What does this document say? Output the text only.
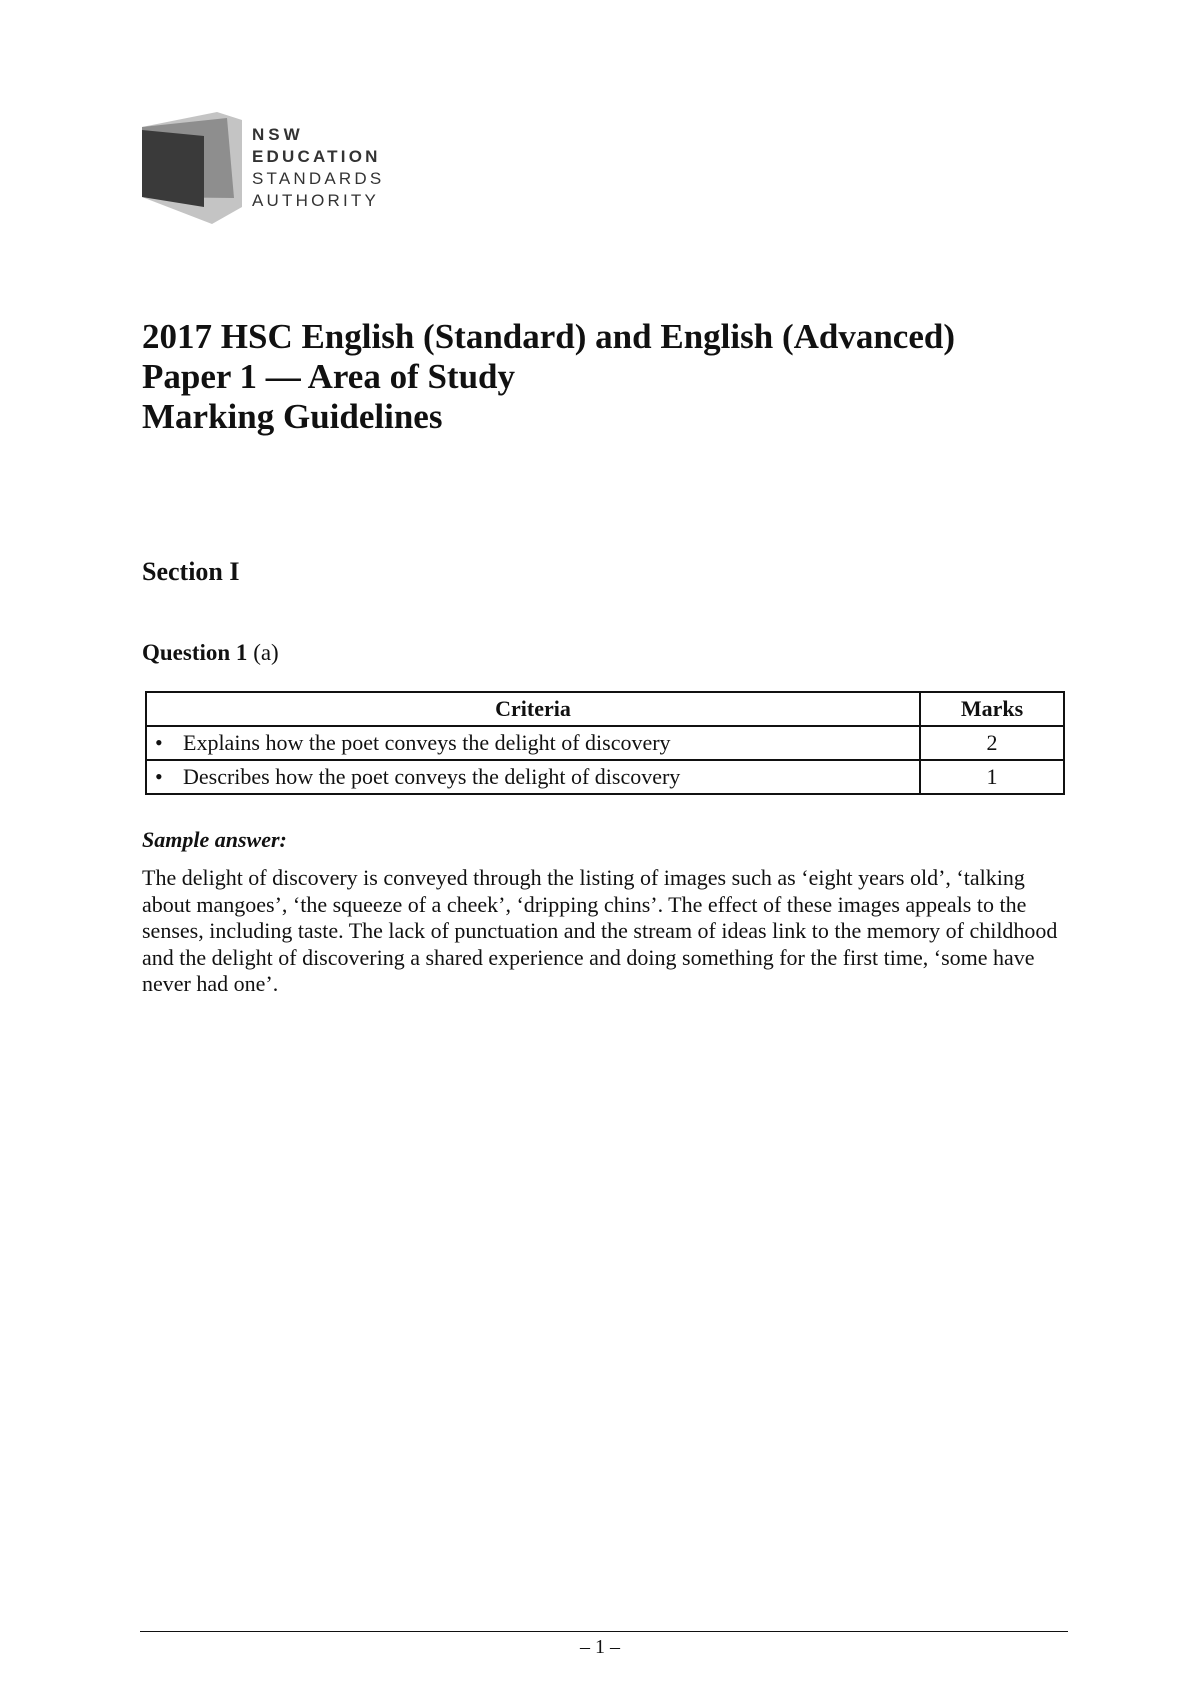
NSW
EDUCATION
STANDARDS
AUTHORITY
2017 HSC English (Standard) and English (Advanced)
Paper 1 — Area of Study
Marking Guidelines
Section I
Question 1 (a)
Criteria	Marks
• Explains how the poet conveys the delight of discovery	2
• Describes how the poet conveys the delight of discovery	1
Sample answer:
The delight of discovery is conveyed through the listing of images such as ‘eight years old’, ‘talking about mangoes’, ‘the squeeze of a cheek’, ‘dripping chins’. The effect of these images appeals to the senses, including taste. The lack of punctuation and the stream of ideas link to the memory of childhood and the delight of discovering a shared experience and doing something for the first time, ‘some have never had one’.
– 1 –
